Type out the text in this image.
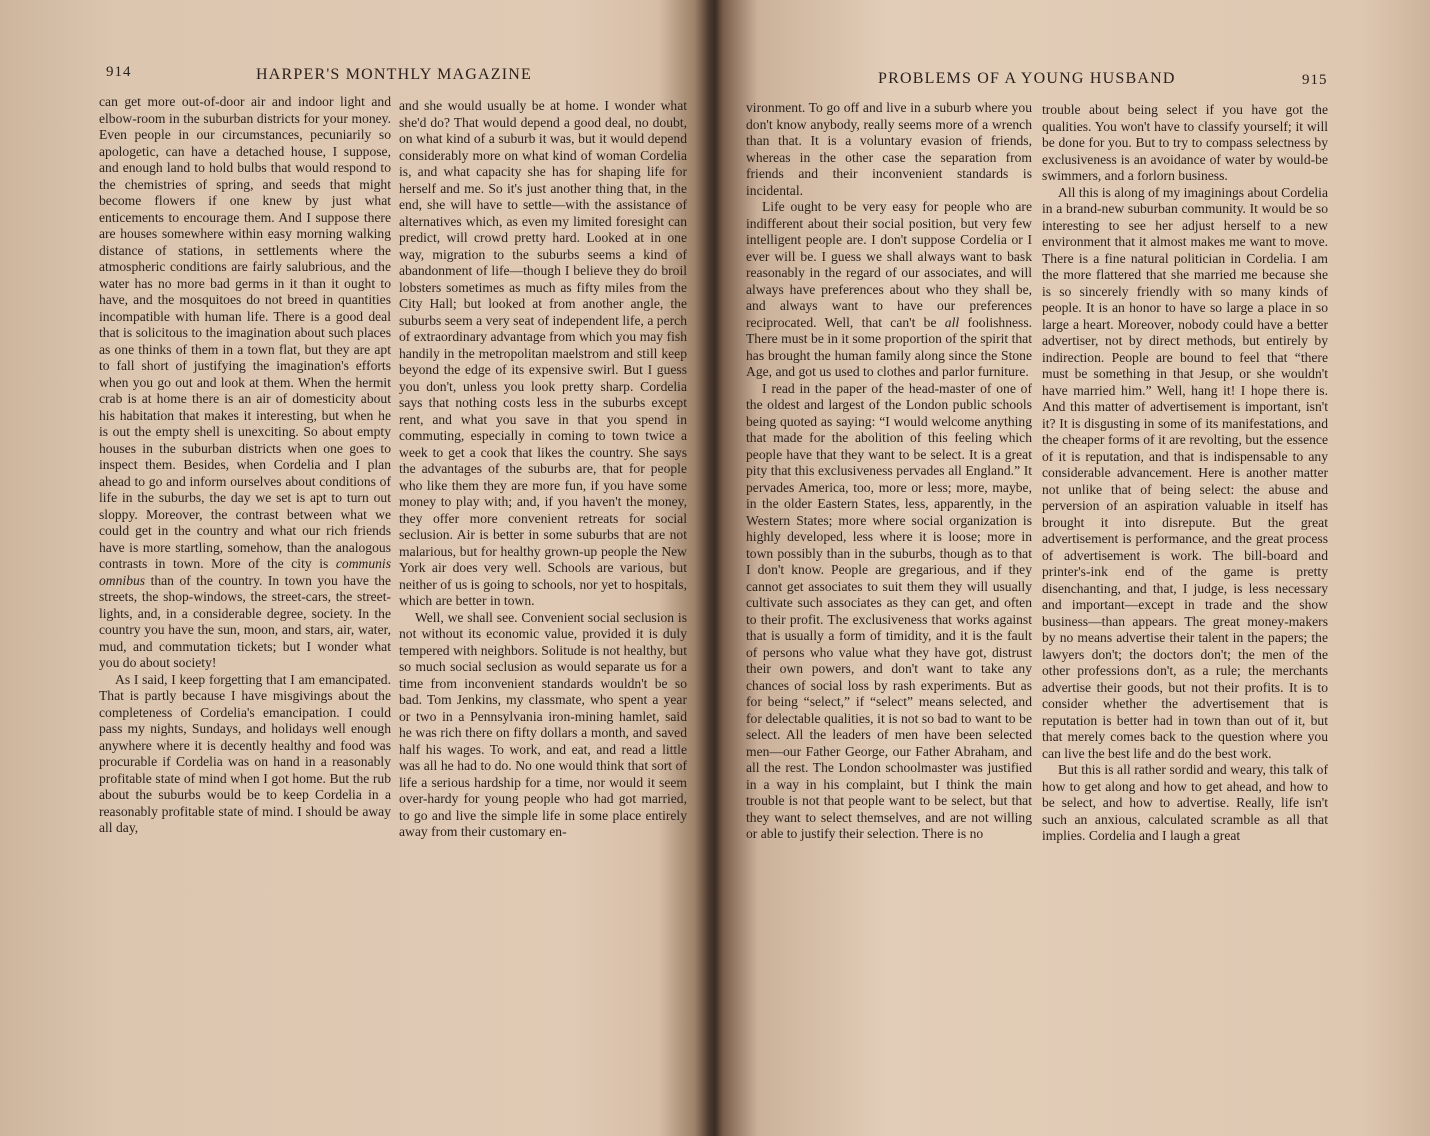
914	HARPER'S MONTHLY MAGAZINE

can get more out-of-door air and indoor light and elbow-room in the suburban districts for your money. Even people in our circumstances, pecuniarily so apologetic, can have a detached house, I suppose, and enough land to hold bulbs that would respond to the chemistries of spring, and seeds that might become flowers if one knew by just what enticements to encourage them. And I suppose there are houses somewhere within easy morning walking distance of stations, in settlements where the atmospheric conditions are fairly salubrious, and the water has no more bad germs in it than it ought to have, and the mosquitoes do not breed in quantities incompatible with human life. There is a good deal that is solicitous to the imagination about such places as one thinks of them in a town flat, but they are apt to fall short of justifying the imagination's efforts when you go out and look at them. When the hermit crab is at home there is an air of domesticity about his habitation that makes it interesting, but when he is out the empty shell is unexciting. So about empty houses in the suburban districts when one goes to inspect them. Besides, when Cordelia and I plan ahead to go and inform ourselves about conditions of life in the suburbs, the day we set is apt to turn out sloppy. Moreover, the contrast between what we could get in the country and what our rich friends have is more startling, somehow, than the analogous contrasts in town. More of the city is communis omnibus than of the country. In town you have the streets, the shop-windows, the street-cars, the street-lights, and, in a considerable degree, society. In the country you have the sun, moon, and stars, air, water, mud, and commutation tickets; but I wonder what you do about society!

As I said, I keep forgetting that I am emancipated. That is partly because I have misgivings about the completeness of Cordelia's emancipation. I could pass my nights, Sundays, and holidays well enough anywhere where it is decently healthy and food was procurable if Cordelia was on hand in a reasonably profitable state of mind when I got home. But the rub about the suburbs would be to keep Cordelia in a reasonably profitable state of mind. I should be away all day,

and she would usually be at home. I wonder what she'd do? That would depend a good deal, no doubt, on what kind of a suburb it was, but it would depend considerably more on what kind of woman Cordelia is, and what capacity she has for shaping life for herself and me. So it's just another thing that, in the end, she will have to settle—with the assistance of alternatives which, as even my limited foresight can predict, will crowd pretty hard. Looked at in one way, migration to the suburbs seems a kind of abandonment of life—though I believe they do broil lobsters sometimes as much as fifty miles from the City Hall; but looked at from another angle, the suburbs seem a very seat of independent life, a perch of extraordinary advantage from which you may fish handily in the metropolitan maelstrom and still keep beyond the edge of its expensive swirl. But I guess you don't, unless you look pretty sharp. Cordelia says that nothing costs less in the suburbs except rent, and what you save in that you spend in commuting, especially in coming to town twice a week to get a cook that likes the country. She says the advantages of the suburbs are, that for people who like them they are more fun, if you have some money to play with; and, if you haven't the money, they offer more convenient retreats for social seclusion. Air is better in some suburbs that are not malarious, but for healthy grown-up people the New York air does very well. Schools are various, but neither of us is going to schools, nor yet to hospitals, which are better in town.

Well, we shall see. Convenient social seclusion is not without its economic value, provided it is duly tempered with neighbors. Solitude is not healthy, but so much social seclusion as would separate us for a time from inconvenient standards wouldn't be so bad. Tom Jenkins, my classmate, who spent a year or two in a Pennsylvania iron-mining hamlet, said he was rich there on fifty dollars a month, and saved half his wages. To work, and eat, and read a little was all he had to do. No one would think that sort of life a serious hardship for a time, nor would it seem over-hardy for young people who had got married, to go and live the simple life in some place entirely away from their customary en-

PROBLEMS OF A YOUNG HUSBAND	915

vironment. To go off and live in a suburb where you don't know anybody, really seems more of a wrench than that. It is a voluntary evasion of friends, whereas in the other case the separation from friends and their inconvenient standards is incidental.

Life ought to be very easy for people who are indifferent about their social position, but very few intelligent people are. I don't suppose Cordelia or I ever will be. I guess we shall always want to bask reasonably in the regard of our associates, and will always have preferences about who they shall be, and always want to have our preferences reciprocated. Well, that can't be all foolishness. There must be in it some proportion of the spirit that has brought the human family along since the Stone Age, and got us used to clothes and parlor furniture.

I read in the paper of the head-master of one of the oldest and largest of the London public schools being quoted as saying: “I would welcome anything that made for the abolition of this feeling which people have that they want to be select. It is a great pity that this exclusiveness pervades all England.” It pervades America, too, more or less; more, maybe, in the older Eastern States, less, apparently, in the Western States; more where social organization is highly developed, less where it is loose; more in town possibly than in the suburbs, though as to that I don't know. People are gregarious, and if they cannot get associates to suit them they will usually cultivate such associates as they can get, and often to their profit. The exclusiveness that works against that is usually a form of timidity, and it is the fault of persons who value what they have got, distrust their own powers, and don't want to take any chances of social loss by rash experiments. But as for being “select,” if “select” means selected, and for delectable qualities, it is not so bad to want to be select. All the leaders of men have been selected men—our Father George, our Father Abraham, and all the rest. The London schoolmaster was justified in a way in his complaint, but I think the main trouble is not that people want to be select, but that they want to select themselves, and are not willing or able to justify their selection. There is no

trouble about being select if you have got the qualities. You won't have to classify yourself; it will be done for you. But to try to compass selectness by exclusiveness is an avoidance of water by would-be swimmers, and a forlorn business.

All this is along of my imaginings about Cordelia in a brand-new suburban community. It would be so interesting to see her adjust herself to a new environment that it almost makes me want to move. There is a fine natural politician in Cordelia. I am the more flattered that she married me because she is so sincerely friendly with so many kinds of people. It is an honor to have so large a place in so large a heart. Moreover, nobody could have a better advertiser, not by direct methods, but entirely by indirection. People are bound to feel that “there must be something in that Jesup, or she wouldn't have married him.” Well, hang it! I hope there is. And this matter of advertisement is important, isn't it? It is disgusting in some of its manifestations, and the cheaper forms of it are revolting, but the essence of it is reputation, and that is indispensable to any considerable advancement. Here is another matter not unlike that of being select: the abuse and perversion of an aspiration valuable in itself has brought it into disrepute. But the great advertisement is performance, and the great process of advertisement is work. The bill-board and printer's-ink end of the game is pretty disenchanting, and that, I judge, is less necessary and important—except in trade and the show business—than appears. The great money-makers by no means advertise their talent in the papers; the lawyers don't; the doctors don't; the men of the other professions don't, as a rule; the merchants advertise their goods, but not their profits. It is to consider whether the advertisement that is reputation is better had in town than out of it, but that merely comes back to the question where you can live the best life and do the best work.

But this is all rather sordid and weary, this talk of how to get along and how to get ahead, and how to be select, and how to advertise. Really, life isn't such an anxious, calculated scramble as all that implies. Cordelia and I laugh a great
